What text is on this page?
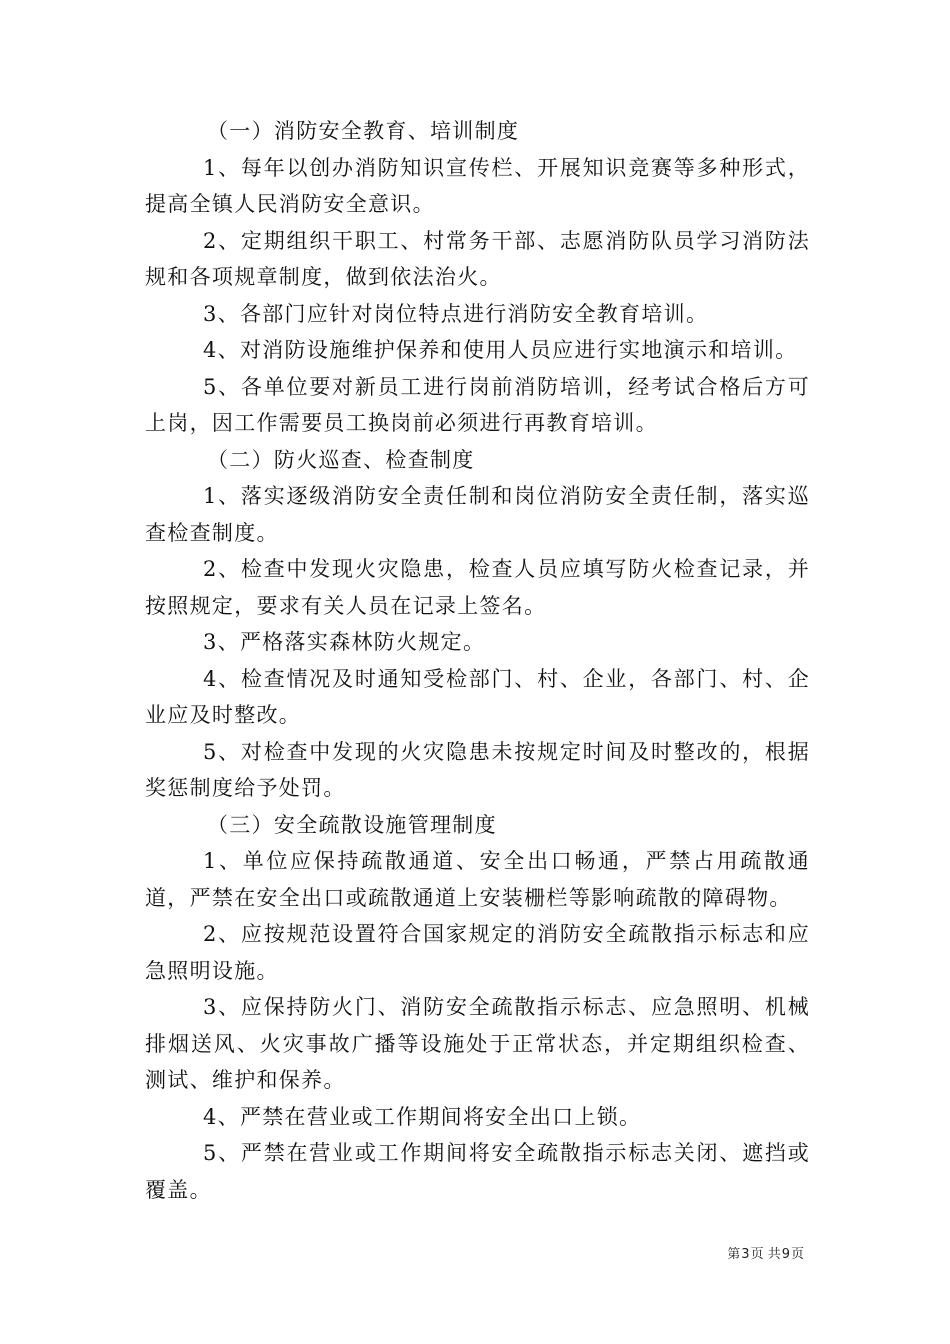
（一）消防安全教育、培训制度

1、每年以创办消防知识宣传栏、开展知识竞赛等多种形式，提高全镇人民消防安全意识。

2、定期组织干职工、村常务干部、志愿消防队员学习消防法规和各项规章制度，做到依法治火。

3、各部门应针对岗位特点进行消防安全教育培训。

4、对消防设施维护保养和使用人员应进行实地演示和培训。

5、各单位要对新员工进行岗前消防培训，经考试合格后方可上岗，因工作需要员工换岗前必须进行再教育培训。

（二）防火巡查、检查制度

1、落实逐级消防安全责任制和岗位消防安全责任制，落实巡查检查制度。

2、检查中发现火灾隐患，检查人员应填写防火检查记录，并按照规定，要求有关人员在记录上签名。

3、严格落实森林防火规定。

4、检查情况及时通知受检部门、村、企业，各部门、村、企业应及时整改。

5、对检查中发现的火灾隐患未按规定时间及时整改的，根据奖惩制度给予处罚。

（三）安全疏散设施管理制度

1、单位应保持疏散通道、安全出口畅通，严禁占用疏散通道，严禁在安全出口或疏散通道上安装栅栏等影响疏散的障碍物。

2、应按规范设置符合国家规定的消防安全疏散指示标志和应急照明设施。

3、应保持防火门、消防安全疏散指示标志、应急照明、机械排烟送风、火灾事故广播等设施处于正常状态，并定期组织检查、测试、维护和保养。

4、严禁在营业或工作期间将安全出口上锁。

5、严禁在营业或工作期间将安全疏散指示标志关闭、遮挡或覆盖。

第3页 共9页
